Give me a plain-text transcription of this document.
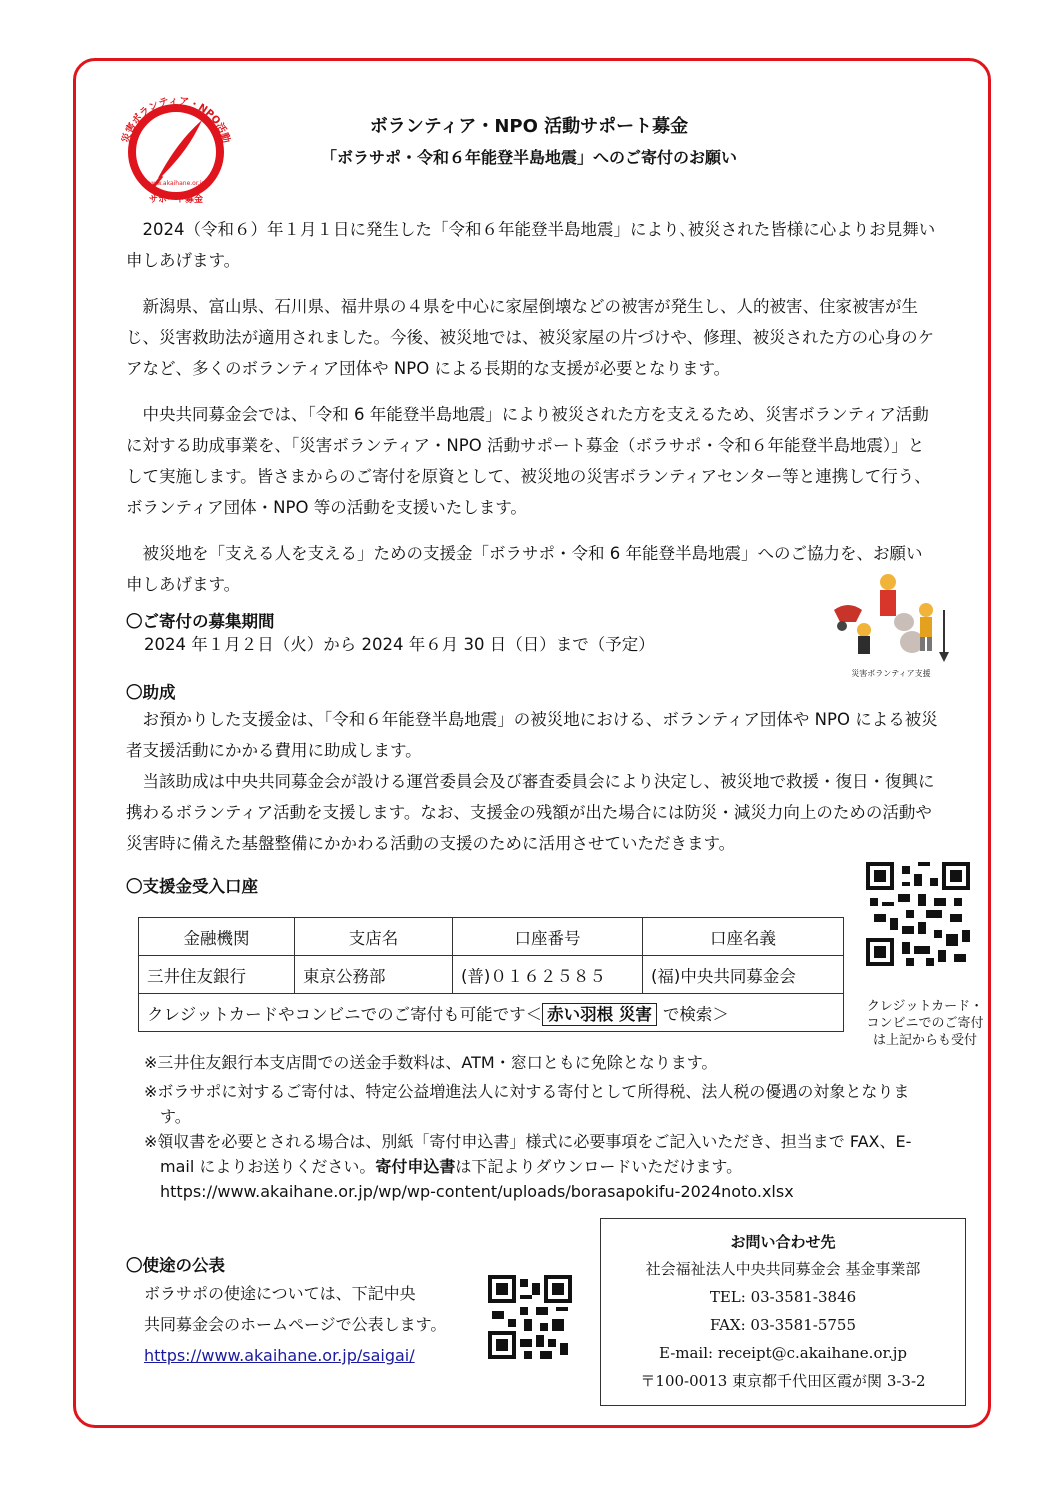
災害ボランティア・NPO活動
サポート募金
www.akaihane.or.jp
ボランティア・NPO 活動サポート募金
「ボラサポ・令和６年能登半島地震」へのご寄付のお願い

2024（令和６）年１月１日に発生した「令和６年能登半島地震」により､被災された皆様に心よりお見舞い申しあげます。

新潟県、富山県、石川県、福井県の４県を中心に家屋倒壊などの被害が発生し、人的被害、住家被害が生じ、災害救助法が適用されました。今後、被災地では、被災家屋の片づけや、修理、被災された方の心身のケアなど、多くのボランティア団体や NPO による長期的な支援が必要となります。

中央共同募金会では、「令和 6 年能登半島地震」により被災された方を支えるため、災害ボランティア活動に対する助成事業を、「災害ボランティア・NPO 活動サポート募金（ボラサポ・令和６年能登半島地震）」として実施します。皆さまからのご寄付を原資として、被災地の災害ボランティアセンター等と連携して行う、ボランティア団体・NPO 等の活動を支援いたします。

被災地を「支える人を支える」ための支援金「ボラサポ・令和 6 年能登半島地震」へのご協力を、お願い申しあげます。

〇ご寄付の募集期間
2024 年１月２日（火）から 2024 年６月 30 日（日）まで（予定）
災害ボランティア支援
〇助成

お預かりした支援金は、「令和６年能登半島地震」の被災地における、ボランティア団体や NPO による被災者支援活動にかかる費用に助成します。

当該助成は中央共同募金会が設ける運営委員会及び審査委員会により決定し、被災地で救援・復日・復興に携わるボランティア活動を支援します。なお、支援金の残額が出た場合には防災・減災力向上のための活動や災害時に備えた基盤整備にかかわる活動の支援のために活用させていただきます。

〇支援金受入口座
金融機関	支店名	口座番号	口座名義
三井住友銀行	東京公務部	(普)０１６２５８５	(福)中央共同募金会
クレジットカードやコンビニでのご寄付も可能です＜ 赤い羽根 災害 で検索＞				クレジットカード・コンビニでのご寄付は上記からも受付

※三井住友銀行本支店間での送金手数料は、ATM・窓口ともに免除となります。

※ボラサポに対するご寄付は、特定公益増進法人に対する寄付として所得税、法人税の優遇の対象となります。

※領収書を必要とされる場合は、別紙「寄付申込書」様式に必要事項をご記入いただき、担当まで FAX、E-mail によりお送りください。寄付申込書は下記よりダウンロードいただけます。

https://www.akaihane.or.jp/wp/wp-content/uploads/borasapokifu-2024noto.xlsx

〇使途の公表
ボラサポの使途については、下記中央
共同募金会のホームページで公表します。
https://www.akaihane.or.jp/saigai/
お問い合わせ先
社会福祉法人中央共同募金会 基金事業部
TEL: 03-3581-3846
FAX: 03-3581-5755
E-mail: receipt@c.akaihane.or.jp
〒100-0013 東京都千代田区霞が関 3-3-2
